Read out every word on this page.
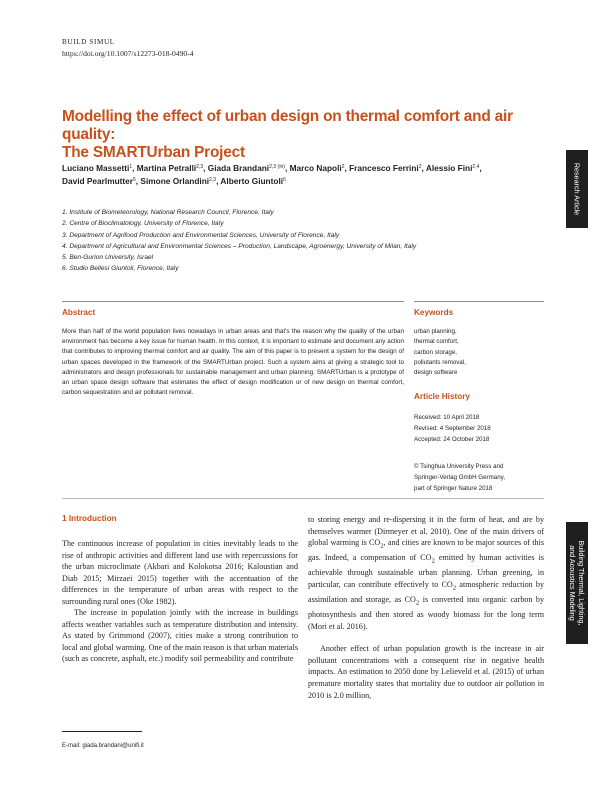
BUILD SIMUL
https://doi.org/10.1007/s12273-018-0490-4
Research Article
Building Thermal, Lighting,
and Acoustics Modeling
Modelling the effect of urban design on thermal comfort and air quality:
The SMARTUrban Project
Luciano Massetti$^1$, Martina Petralli$^{2,3}$, Giada Brandani$^{2,3 (✉)}$, Marco Napoli$^2$, Francesco Ferrini$^2$, Alessio Fini$^{2,4}$, David Pearlmutter$^5$, Simone Orlandini$^{2,3}$, Alberto Giuntoli$^6$
1. Institute of Biometeorology, National Research Council, Florence, Italy
2. Centre of Bioclimatology, University of Florence, Italy
3. Department of Agrifood Production and Environmental Sciences, University of Florence, Italy
4. Department of Agricultural and Environmental Sciences – Production, Landscape, Agroenergy, University of Milan, Italy
5. Ben-Gurion University, Israel
6. Studio Bellesi Giuntoli, Florence, Italy
Abstract
More than half of the world population lives nowadays in urban areas and that's the reason why the quality of the urban environment has become a key issue for human health. In this context, it is important to estimate and document any action that contributes to improving thermal comfort and air quality. The aim of this paper is to present a system for the design of urban spaces developed in the framework of the SMARTUrban project. Such a system aims at giving a strategic tool to administrators and design professionals for sustainable management and urban planning. SMARTUrban is a prototype of an urban space design software that estimates the effect of design modification or of new design on thermal comfort, carbon sequestration and air pollutant removal.
Keywords
urban planning,
thermal comfort,
carbon storage,
pollutants removal,
design software
Article History
Received: 10 April 2018
Revised: 4 September 2018
Accepted: 24 October 2018
© Tsinghua University Press and
Springer-Verlag GmbH Germany,
part of Springer Nature 2018
1 Introduction

The continuous increase of population in cities inevitably leads to the rise of anthropic activities and different land use with repercussions for the urban microclimate (Akbari and Kolokotsa 2016; Kaloustian and Diab 2015; Mirzaei 2015) together with the accentuation of the differences in the temperature of urban areas with respect to the surrounding rural ones (Oke 1982).

The increase in population jointly with the increase in buildings affects weather variables such as temperature distribution and intensity. As stated by Grimmond (2007), cities make a strong contribution to local and global warming. One of the main reason is that urban materials (such as concrete, asphalt, etc.) modify soil permeability and contribute

to storing energy and re-dispersing it in the form of heat, and are by themselves warmer (Dirmeyer et al. 2010). One of the main drivers of global warming is $CO_2$, and cities are known to be major sources of this gas. Indeed, a compensation of $CO_2$ emitted by human activities is achievable through sustainable urban planning. Urban greening, in particular, can contribute effectively to $CO_2$ atmospheric reduction by assimilation and storage, as $CO_2$ is converted into organic carbon by photosynthesis and then stored as woody biomass for the long term (Mori et al. 2016).

Another effect of urban population growth is the increase in air pollutant concentrations with a consequent rise in negative health impacts. An estimation to 2050 done by Lelieveld et al. (2015) of urban premature mortality states that mortality due to outdoor air pollution in 2010 is 2.0 million,

E-mail: giada.brandani@unifi.it
